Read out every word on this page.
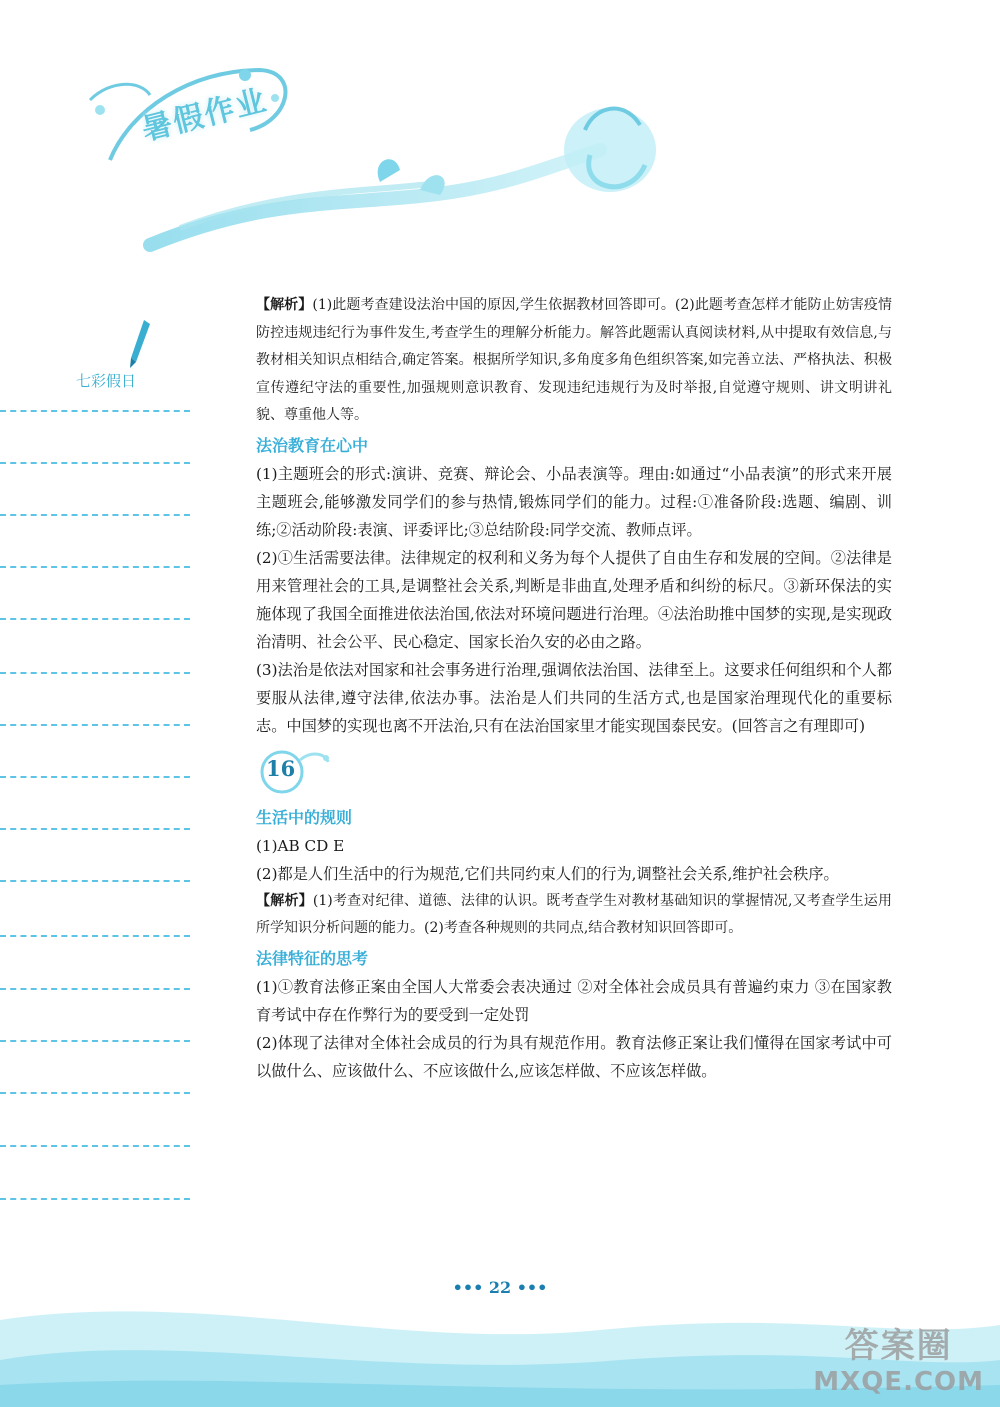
暑假作业
七彩假日

【解析】(1)此题考查建设法治中国的原因,学生依据教材回答即可。(2)此题考查怎样才能防止妨害疫情防控违规违纪行为事件发生,考查学生的理解分析能力。解答此题需认真阅读材料,从中提取有效信息,与教材相关知识点相结合,确定答案。根据所学知识,多角度多角色组织答案,如完善立法、严格执法、积极宣传遵纪守法的重要性,加强规则意识教育、发现违纪违规行为及时举报,自觉遵守规则、讲文明讲礼貌、尊重他人等。

法治教育在心中

(1)主题班会的形式:演讲、竞赛、辩论会、小品表演等。理由:如通过“小品表演”的形式来开展主题班会,能够激发同学们的参与热情,锻炼同学们的能力。过程:①准备阶段:选题、编剧、训练;②活动阶段:表演、评委评比;③总结阶段:同学交流、教师点评。

(2)①生活需要法律。法律规定的权利和义务为每个人提供了自由生存和发展的空间。②法律是用来管理社会的工具,是调整社会关系,判断是非曲直,处理矛盾和纠纷的标尺。③新环保法的实施体现了我国全面推进依法治国,依法对环境问题进行治理。④法治助推中国梦的实现,是实现政治清明、社会公平、民心稳定、国家长治久安的必由之路。

(3)法治是依法对国家和社会事务进行治理,强调依法治国、法律至上。这要求任何组织和个人都要服从法律,遵守法律,依法办事。法治是人们共同的生活方式,也是国家治理现代化的重要标志。中国梦的实现也离不开法治,只有在法治国家里才能实现国泰民安。(回答言之有理即可)

16
生活中的规则

(1)AB CD E

(2)都是人们生活中的行为规范,它们共同约束人们的行为,调整社会关系,维护社会秩序。

【解析】(1)考查对纪律、道德、法律的认识。既考查学生对教材基础知识的掌握情况,又考查学生运用所学知识分析问题的能力。(2)考查各种规则的共同点,结合教材知识回答即可。

法律特征的思考

(1)①教育法修正案由全国人大常委会表决通过 ②对全体社会成员具有普遍约束力 ③在国家教育考试中存在作弊行为的要受到一定处罚

(2)体现了法律对全体社会成员的行为具有规范作用。教育法修正案让我们懂得在国家考试中可以做什么、应该做什么、不应该做什么,应该怎样做、不应该怎样做。

••• 22 •••
答案圈
MXQE.COM
